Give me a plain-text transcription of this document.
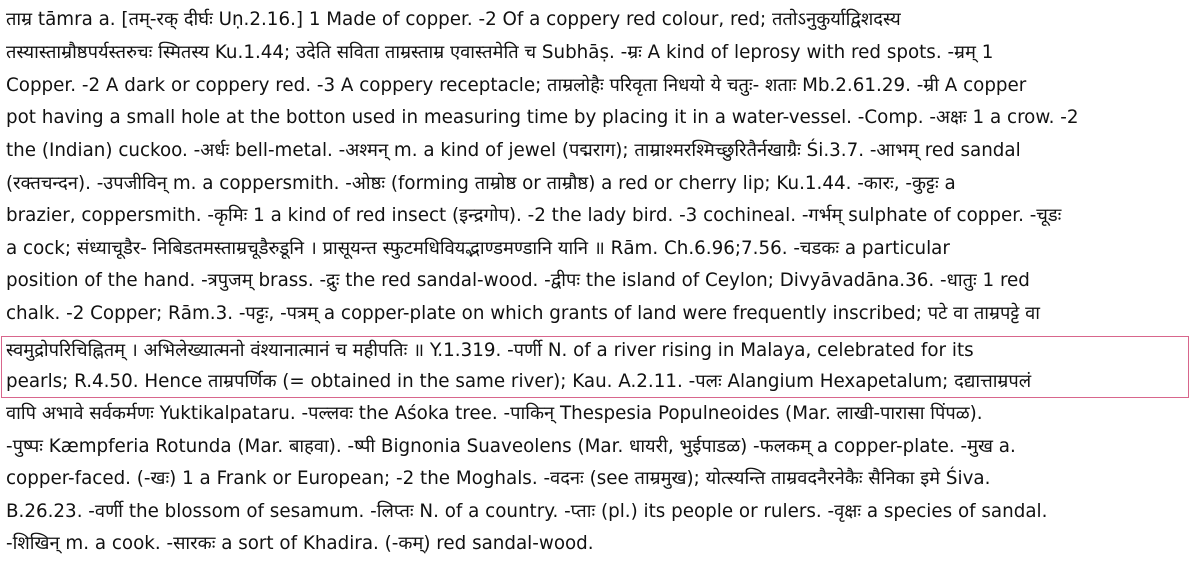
ताम्र tāmra a. [तम्-रक् दीर्घः Uṇ.2.16.] 1 Made of copper. -2 Of a coppery red colour, red; ततोऽनुकुर्याद्विशदस्य
तस्यास्ताम्रौष्ठपर्यस्तरुचः स्मितस्य Ku.1.44; उदेति सविता ताम्रस्ताम्र एवास्तमेति च Subhāṣ. -म्रः A kind of leprosy with red spots. -म्रम् 1
Copper. -2 A dark or coppery red. -3 A coppery receptacle; ताम्रलोहैः परिवृता निधयो ये चतुः- शताः Mb.2.61.29. -म्री A copper
pot having a small hole at the botton used in measuring time by placing it in a water-vessel. -Comp. -अक्षः 1 a crow. -2
the (Indian) cuckoo. -अर्धः bell-metal. -अश्मन् m. a kind of jewel (पद्मराग); ताम्राश्मरश्मिच्छुरितैर्नखाग्रैः Śi.3.7. -आभम् red sandal
(रक्तचन्दन). -उपजीविन् m. a coppersmith. -ओष्ठः (forming ताम्रोष्ठ or ताम्रौष्ठ) a red or cherry lip; Ku.1.44. -कारः, -कुट्टः a
brazier, coppersmith. -कृमिः 1 a kind of red insect (इन्द्रगोप). -2 the lady bird. -3 cochineal. -गर्भम् sulphate of copper. -चूडः
a cock; संध्याचूडैर- निबिडतमस्ताम्रचूडैरुडूनि । प्रासूयन्त स्फुटमधिवियद्भाण्डमण्डानि यानि ॥ Rām. Ch.6.96;7.56. -चडकः a particular
position of the hand. -त्रपुजम् brass. -द्रुः the red sandal-wood. -द्वीपः the island of Ceylon; Divyāvadāna.36. -धातुः 1 red
chalk. -2 Copper; Rām.3. -पट्टः, -पत्रम् a copper-plate on which grants of land were frequently inscribed; पटे वा ताम्रपट्टे वा
स्वमुद्रोपरिचिह्नितम् । अभिलेख्यात्मनो वंश्यानात्मानं च महीपतिः ॥ Y.1.319. -पर्णी N. of a river rising in Malaya, celebrated for its
pearls; R.4.50. Hence ताम्रपर्णिक (= obtained in the same river); Kau. A.2.11. -पलः Alangium Hexapetalum; दद्यात्ताम्रपलं
वापि अभावे सर्वकर्मणः Yuktikalpataru. -पल्लवः the Aśoka tree. -पाकिन् Thespesia Populneoides (Mar. लाखी-पारासा पिंपळ).
-पुष्पः Kæmpferia Rotunda (Mar. बाहवा). -ष्पी Bignonia Suaveolens (Mar. धायरी, भुईपाडळ) -फलकम् a copper-plate. -मुख a.
copper-faced. (-खः) 1 a Frank or European; -2 the Moghals. -वदनः (see ताम्रमुख); योत्स्यन्ति ताम्रवदनैरनेकैः सैनिका इमे Śiva.
B.26.23. -वर्णी the blossom of sesamum. -लिप्तः N. of a country. -प्ताः (pl.) its people or rulers. -वृक्षः a species of sandal.
-शिखिन् m. a cook. -सारकः a sort of Khadira. (-कम्) red sandal-wood.
